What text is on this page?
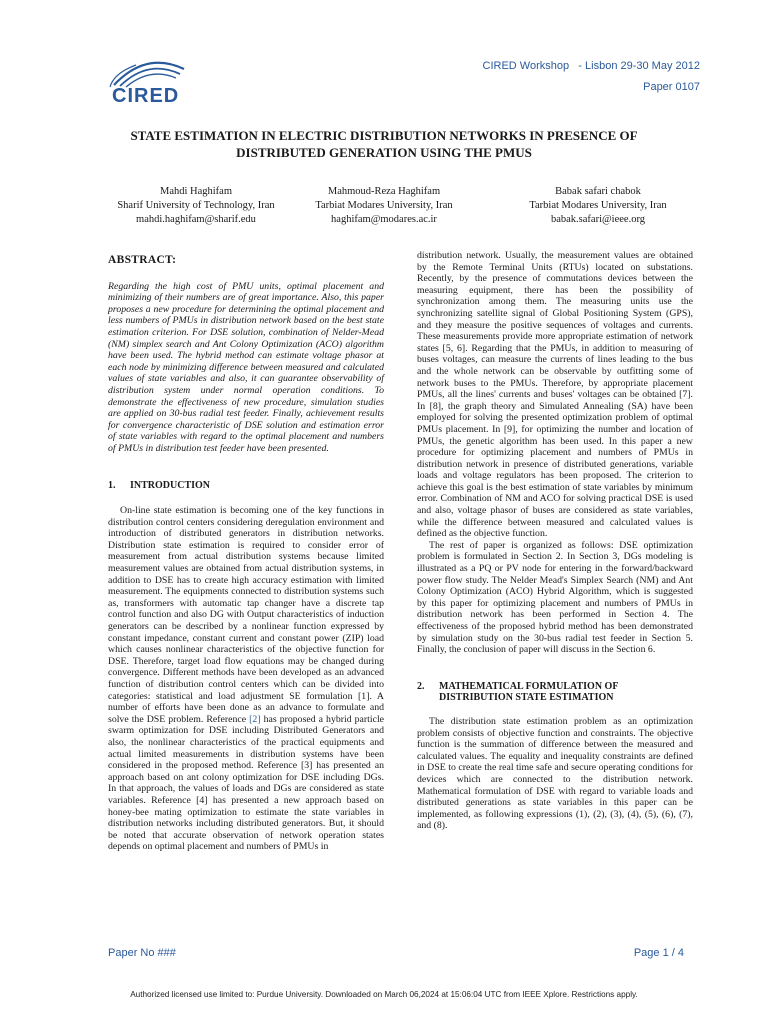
CIRED
CIRED Workshop   - Lisbon 29-30 May 2012
Paper 0107
STATE ESTIMATION IN ELECTRIC DISTRIBUTION NETWORKS IN PRESENCE OF DISTRIBUTED GENERATION USING THE PMUS
Mahdi Haghifam
Sharif University of Technology, Iran
mahdi.haghifam@sharif.edu
Mahmoud-Reza Haghifam
Tarbiat Modares University, Iran
haghifam@modares.ac.ir
Babak safari chabok
Tarbiat Modares University, Iran
babak.safari@ieee.org
ABSTRACT:

Regarding the high cost of PMU units, optimal placement and minimizing of their numbers are of great importance. Also, this paper proposes a new procedure for determining the optimal placement and less numbers of PMUs in distribution network based on the best state estimation criterion. For DSE solution, combination of Nelder-Mead (NM) simplex search and Ant Colony Optimization (ACO) algorithm have been used. The hybrid method can estimate voltage phasor at each node by minimizing difference between measured and calculated values of state variables and also, it can guarantee observability of distribution system under normal operation conditions. To demonstrate the effectiveness of new procedure, simulation studies are applied on 30-bus radial test feeder. Finally, achievement results for convergence characteristic of DSE solution and estimation error of state variables with regard to the optimal placement and numbers of PMUs in distribution test feeder have been presented.

1. INTRODUCTION

On-line state estimation is becoming one of the key functions in distribution control centers considering deregulation environment and introduction of distributed generators in distribution networks. Distribution state estimation is required to consider error of measurement from actual distribution systems because limited measurement values are obtained from actual distribution systems, in addition to DSE has to create high accuracy estimation with limited measurement. The equipments connected to distribution systems such as, transformers with automatic tap changer have a discrete tap control function and also DG with Output characteristics of induction generators can be described by a nonlinear function expressed by constant impedance, constant current and constant power (ZIP) load which causes nonlinear characteristics of the objective function for DSE. Therefore, target load flow equations may be changed during convergence. Different methods have been developed as an advanced function of distribution control centers which can be divided into categories: statistical and load adjustment SE formulation [1]. A number of efforts have been done as an advance to formulate and solve the DSE problem. Reference [2] has proposed a hybrid particle swarm optimization for DSE including Distributed Generators and also, the nonlinear characteristics of the practical equipments and actual limited measurements in distribution systems have been considered in the proposed method. Reference [3] has presented an approach based on ant colony optimization for DSE including DGs. In that approach, the values of loads and DGs are considered as state variables. Reference [4] has presented a new approach based on honey-bee mating optimization to estimate the state variables in distribution networks including distributed generators. But, it should be noted that accurate observation of network operation states depends on optimal placement and numbers of PMUs in

distribution network. Usually, the measurement values are obtained by the Remote Terminal Units (RTUs) located on substations. Recently, by the presence of commutations devices between the measuring equipment, there has been the possibility of synchronization among them. The measuring units use the synchronizing satellite signal of Global Positioning System (GPS), and they measure the positive sequences of voltages and currents. These measurements provide more appropriate estimation of network states [5, 6]. Regarding that the PMUs, in addition to measuring of buses voltages, can measure the currents of lines leading to the bus and the whole network can be observable by outfitting some of network buses to the PMUs. Therefore, by appropriate placement PMUs, all the lines' currents and buses' voltages can be obtained [7]. In [8], the graph theory and Simulated Annealing (SA) have been employed for solving the presented optimization problem of optimal PMUs placement. In [9], for optimizing the number and location of PMUs, the genetic algorithm has been used. In this paper a new procedure for optimizing placement and numbers of PMUs in distribution network in presence of distributed generations, variable loads and voltage regulators has been proposed. The criterion to achieve this goal is the best estimation of state variables by minimum error. Combination of NM and ACO for solving practical DSE is used and also, voltage phasor of buses are considered as state variables, while the difference between measured and calculated values is defined as the objective function.

The rest of paper is organized as follows: DSE optimization problem is formulated in Section 2. In Section 3, DGs modeling is illustrated as a PQ or PV node for entering in the forward/backward power flow study. The Nelder Mead's Simplex Search (NM) and Ant Colony Optimization (ACO) Hybrid Algorithm, which is suggested by this paper for optimizing placement and numbers of PMUs in distribution network has been performed in Section 4. The effectiveness of the proposed hybrid method has been demonstrated by simulation study on the 30-bus radial test feeder in Section 5. Finally, the conclusion of paper will discuss in the Section 6.

2. MATHEMATICAL FORMULATION OF
DISTRIBUTION STATE ESTIMATION

The distribution state estimation problem as an optimization problem consists of objective function and constraints. The objective function is the summation of difference between the measured and calculated values. The equality and inequality constraints are defined in DSE to create the real time safe and secure operating conditions for devices which are connected to the distribution network. Mathematical formulation of DSE with regard to variable loads and distributed generations as state variables in this paper can be implemented, as following expressions (1), (2), (3), (4), (5), (6), (7), and (8).

Paper No ###	Page 1 / 4
Authorized licensed use limited to: Purdue University. Downloaded on March 06,2024 at 15:06:04 UTC from IEEE Xplore. Restrictions apply.
